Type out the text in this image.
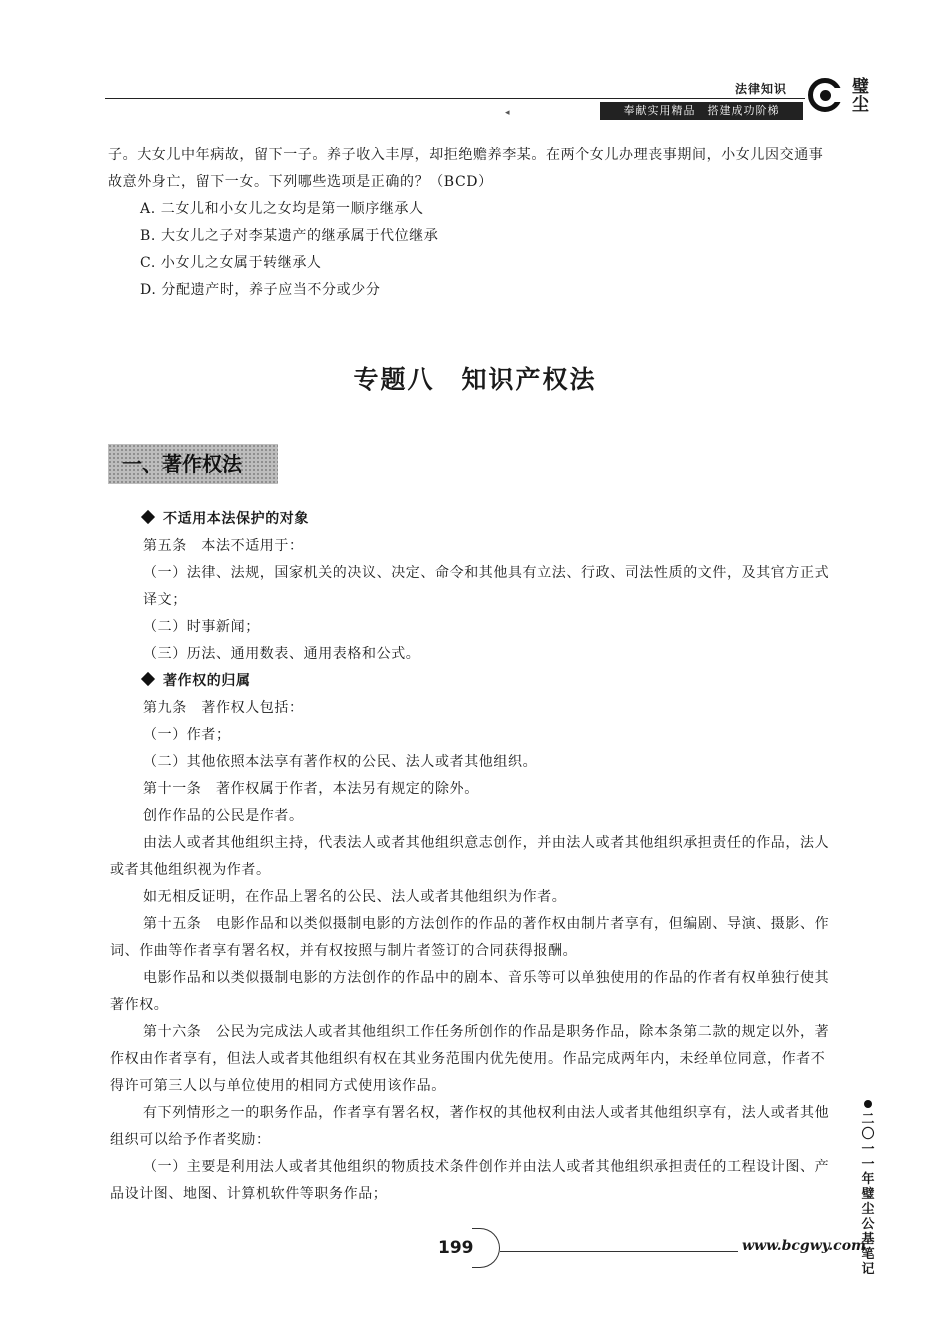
法律知识
◂	奉献实用精品　搭建成功阶梯
璧尘
子。大女儿中年病故，留下一子。养子收入丰厚，却拒绝赡养李某。在两个女儿办理丧事期间，小女儿因交通事故意外身亡，留下一女。下列哪些选项是正确的？（BCD）
A. 二女儿和小女儿之女均是第一顺序继承人
B. 大女儿之子对李某遗产的继承属于代位继承
C. 小女儿之女属于转继承人
D. 分配遗产时，养子应当不分或少分
专题八　知识产权法
一、著作权法

不适用本法保护的对象

第五条　本法不适用于：

（一）法律、法规，国家机关的决议、决定、命令和其他具有立法、行政、司法性质的文件，及其官方正式译文；

（二）时事新闻；

（三）历法、通用数表、通用表格和公式。

著作权的归属

第九条　著作权人包括：

（一）作者；

（二）其他依照本法享有著作权的公民、法人或者其他组织。

第十一条　著作权属于作者，本法另有规定的除外。

创作作品的公民是作者。

由法人或者其他组织主持，代表法人或者其他组织意志创作，并由法人或者其他组织承担责任的作品，法人或者其他组织视为作者。

如无相反证明，在作品上署名的公民、法人或者其他组织为作者。

第十五条　电影作品和以类似摄制电影的方法创作的作品的著作权由制片者享有，但编剧、导演、摄影、作词、作曲等作者享有署名权，并有权按照与制片者签订的合同获得报酬。

电影作品和以类似摄制电影的方法创作的作品中的剧本、音乐等可以单独使用的作品的作者有权单独行使其著作权。

第十六条　公民为完成法人或者其他组织工作任务所创作的作品是职务作品，除本条第二款的规定以外，著作权由作者享有，但法人或者其他组织有权在其业务范围内优先使用。作品完成两年内，未经单位同意，作者不得许可第三人以与单位使用的相同方式使用该作品。

有下列情形之一的职务作品，作者享有署名权，著作权的其他权利由法人或者其他组织享有，法人或者其他组织可以给予作者奖励：

（一）主要是利用法人或者其他组织的物质技术条件创作并由法人或者其他组织承担责任的工程设计图、产品设计图、地图、计算机软件等职务作品；

二〇一一年璧尘公基笔记
199	www.bcgwy.com
